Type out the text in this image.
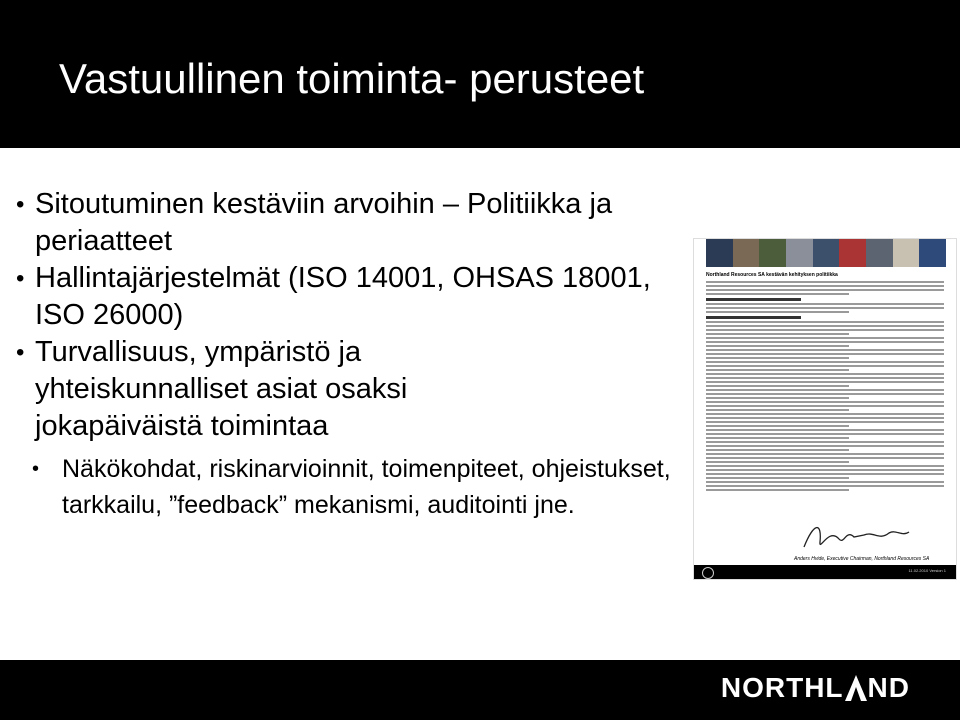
Vastuullinen toiminta- perusteet
• Sitoutuminen kestäviin arvoihin – Politiikka ja periaatteet
• Hallintajärjestelmät (ISO 14001, OHSAS 18001, ISO 26000)
• Turvallisuus, ympäristö ja yhteiskunnalliset asiat osaksi jokapäiväistä toimintaa
• Näkökohdat, riskinarvioinnit, toimenpiteet, ohjeistukset, tarkkailu, ”feedback” mekanismi, auditointi jne.
Northland Resources SA kestävän kehityksen politiikka
Anders Hvide, Executive Chairman, Northland Resources SA
11.02.2010 Version 1
NORTHL ND
